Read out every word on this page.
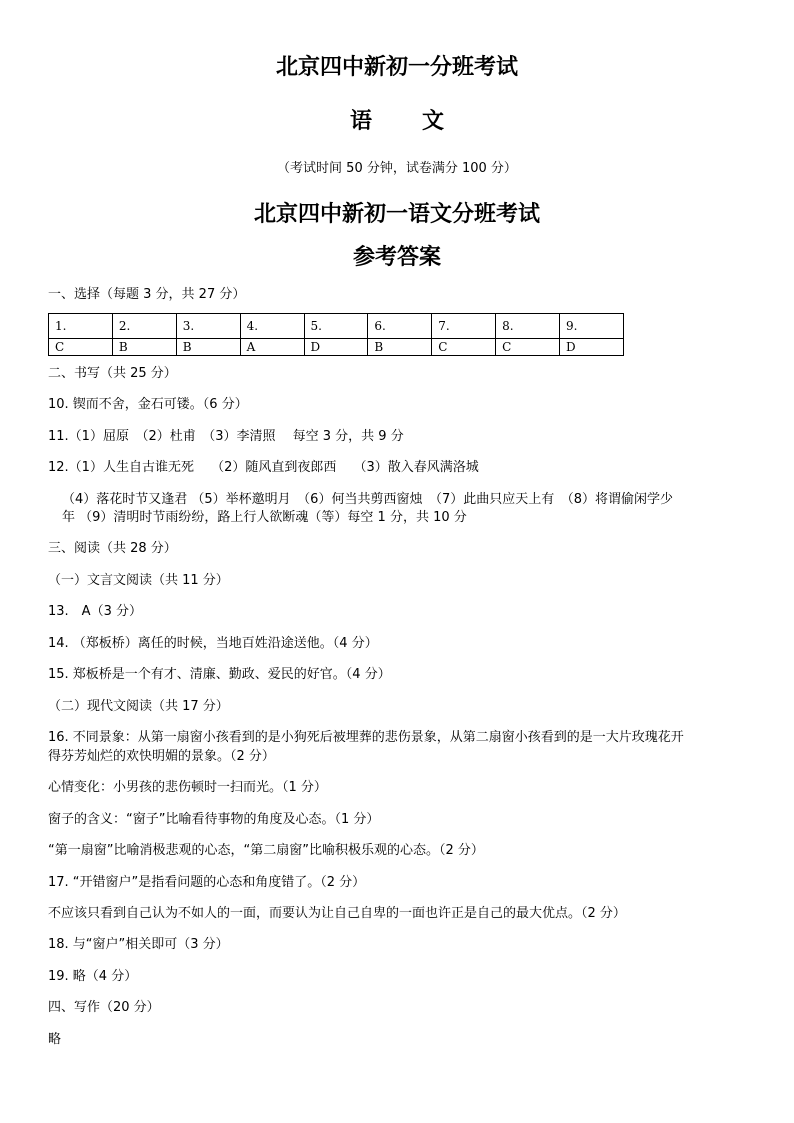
北京四中新初一分班考试
语文
（考试时间 50 分钟，试卷满分 100 分）
北京四中新初一语文分班考试
参考答案
一、选择（每题 3 分，共 27 分）
1.	2.	3.	4.	5.	6.	7.	8.	9.
C	B	B	A	D	B	C	C	D
二、书写（共 25 分）
10. 锲而不舍，金石可镂。（6 分）
11.（1）屈原　（2）杜甫　（3）李清照　 每空 3 分，共 9 分
12.（1）人生自古谁无死　 （2）随风直到夜郎西　 （3）散入春风满洛城
（4）落花时节又逢君 （5）举杯邀明月　（6）何当共剪西窗烛　（7）此曲只应天上有　（8）将谓偷闲学少
年 （9）清明时节雨纷纷，路上行人欲断魂（等）每空 1 分，共 10 分
三、阅读（共 28 分）
（一）文言文阅读（共 11 分）
13.　A（3 分）
14. （郑板桥）离任的时候，当地百姓沿途送他。（4 分）
15. 郑板桥是一个有才、清廉、勤政、爱民的好官。（4 分）
（二）现代文阅读（共 17 分）
16. 不同景象：从第一扇窗小孩看到的是小狗死后被埋葬的悲伤景象，从第二扇窗小孩看到的是一大片玫瑰花开
得芬芳灿烂的欢快明媚的景象。（2 分）
心情变化：小男孩的悲伤顿时一扫而光。（1 分）
窗子的含义：“窗子”比喻看待事物的角度及心态。（1 分）
“第一扇窗”比喻消极悲观的心态，“第二扇窗”比喻积极乐观的心态。（2 分）
17. “开错窗户”是指看问题的心态和角度错了。（2 分）
不应该只看到自己认为不如人的一面，而要认为让自己自卑的一面也许正是自己的最大优点。（2 分）
18. 与“窗户”相关即可（3 分）
19. 略（4 分）
四、写作（20 分）
略
